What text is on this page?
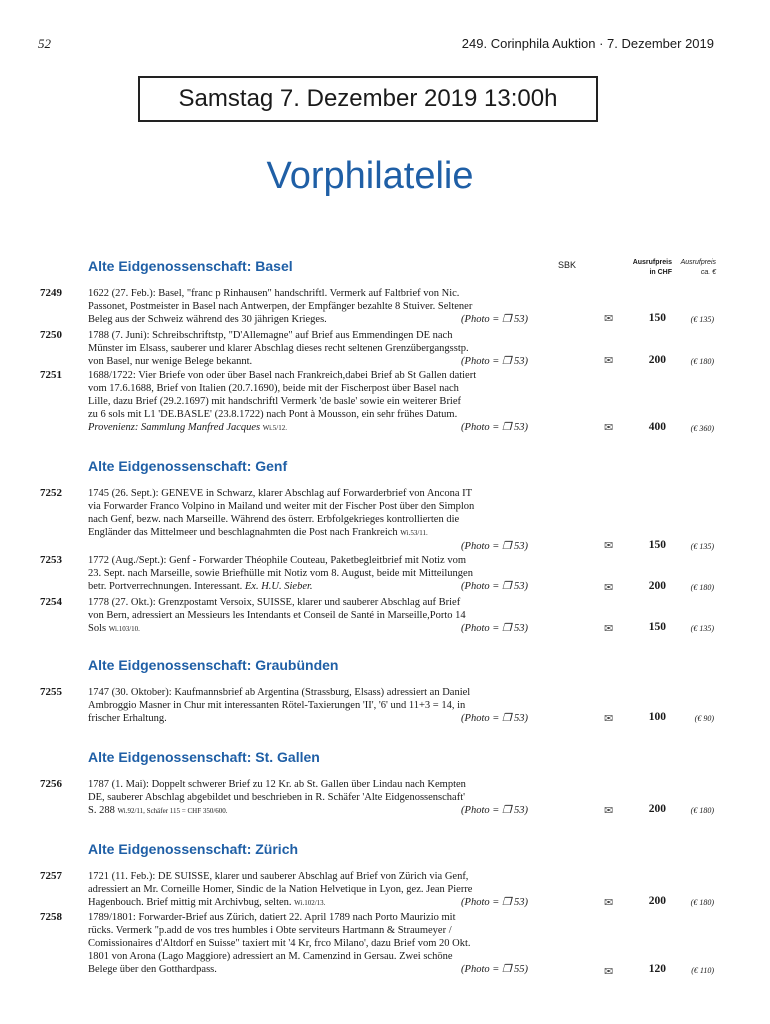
52	249. Corinphila Auktion · 7. Dezember 2019
Samstag 7. Dezember 2019 13:00h
Vorphilatelie
SBK	Ausrufpreis
in CHF
Ausrufpreis
ca. €
Alte Eidgenossenschaft: Basel
7249 1622 (27. Feb.): Basel, "franc p Rinhausen" handschriftl. Vermerk auf Faltbrief von Nic.
Passonet, Postmeister in Basel nach Antwerpen, der Empfänger bezahlte 8 Stuiver. Seltener
Beleg aus der Schweiz während des 30 jährigen Krieges.	(Photo = ❒ 53)	✉	150	(€ 135)
7250 1788 (7. Juni): Schreibschriftstp, "D'Allemagne" auf Brief aus Emmendingen DE nach
Münster im Elsass, sauberer und klarer Abschlag dieses recht seltenen Grenzübergangsstp.
von Basel, nur wenige Belege bekannt.	(Photo = ❒ 53)	✉	200	(€ 180)
7251 1688/1722: Vier Briefe von oder über Basel nach Frankreich,dabei Brief ab St Gallen datiert
vom 17.6.1688, Brief von Italien (20.7.1690), beide mit der Fischerpost über Basel nach
Lille, dazu Brief (29.2.1697) mit handschriftl Vermerk 'de basle' sowie ein weiterer Brief
zu 6 sols mit L1 'DE.BASLE' (23.8.1722) nach Pont à Mousson, ein sehr frühes Datum.
Provenienz: Sammlung Manfred Jacques Wi.5/12.	(Photo = ❒ 53)	✉	400	(€ 360)
Alte Eidgenossenschaft: Genf
7252 1745 (26. Sept.): GENEVE in Schwarz, klarer Abschlag auf Forwarderbrief von Ancona IT
via Forwarder Franco Volpino in Mailand und weiter mit der Fischer Post über den Simplon
nach Genf, bezw. nach Marseille. Während des österr. Erbfolgekrieges kontrollierten die
Engländer das Mittelmeer und beschlagnahmten die Post nach Frankreich Wi.53/11.
(Photo = ❒ 53)
	✉	150	(€ 135)
7253 1772 (Aug./Sept.): Genf - Forwarder Théophile Couteau, Paketbegleitbrief mit Notiz vom
23. Sept. nach Marseille, sowie Briefhülle mit Notiz vom 8. August, beide mit Mitteilungen
betr. Portverrechnungen. Interessant. Ex. H.U. Sieber.	(Photo = ❒ 53)	✉	200	(€ 180)
7254 1778 (27. Okt.): Grenzpostamt Versoix, SUISSE, klarer und sauberer Abschlag auf Brief
von Bern, adressiert an Messieurs les Intendants et Conseil de Santé in Marseille,Porto 14
Sols Wi.103/10.	(Photo = ❒ 53)	✉	150	(€ 135)
Alte Eidgenossenschaft: Graubünden
7255 1747 (30. Oktober): Kaufmannsbrief ab Argentina (Strassburg, Elsass) adressiert an Daniel
Ambroggio Masner in Chur mit interessanten Rötel-Taxierungen 'II', '6' und 11+3 = 14, in
frischer Erhaltung.	(Photo = ❒ 53)	✉	100	(€ 90)
Alte Eidgenossenschaft: St. Gallen
7256 1787 (1. Mai): Doppelt schwerer Brief zu 12 Kr. ab St. Gallen über Lindau nach Kempten
DE, sauberer Abschlag abgebildet und beschrieben in R. Schäfer 'Alte Eidgenossenschaft'
S. 288 Wi.92/11, Schäfer 115 = CHF 350/600.	(Photo = ❒ 53)	✉	200	(€ 180)
Alte Eidgenossenschaft: Zürich
7257 1721 (11. Feb.): DE SUISSE, klarer und sauberer Abschlag auf Brief von Zürich via Genf,
adressiert an Mr. Corneille Homer, Sindic de la Nation Helvetique in Lyon, gez. Jean Pierre
Hagenbouch. Brief mittig mit Archivbug, selten. Wi.102/13.	(Photo = ❒ 53)	✉	200	(€ 180)
7258 1789/1801: Forwarder-Brief aus Zürich, datiert 22. April 1789 nach Porto Maurizio mit
rücks. Vermerk "p.add de vos tres humbles i Obte serviteurs Hartmann & Straumeyer /
Comissionaires d'Altdorf en Suisse" taxiert mit '4 Kr, frco Milano', dazu Brief vom 20 Okt.
1801 von Arona (Lago Maggiore) adressiert an M. Camenzind in Gersau. Zwei schöne
Belege über den Gotthardpass.	(Photo = ❒ 55)	✉	120	(€ 110)
